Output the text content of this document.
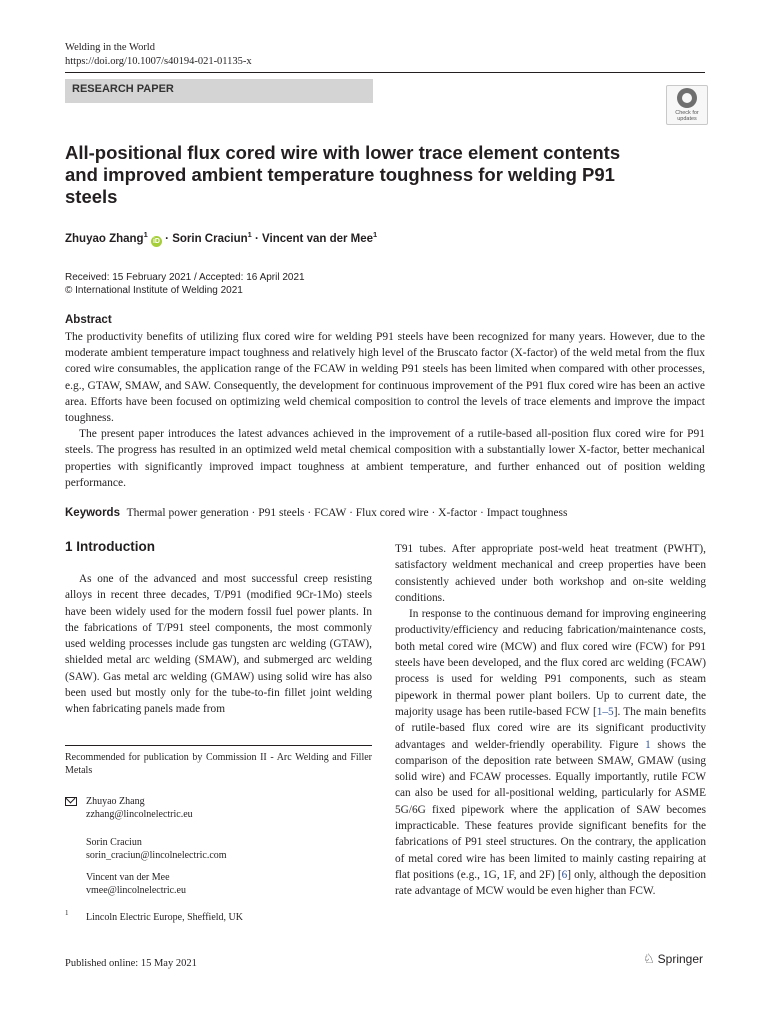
Welding in the World
https://doi.org/10.1007/s40194-021-01135-x
RESEARCH PAPER
Check for updates
All-positional flux cored wire with lower trace element contents
and improved ambient temperature toughness for welding P91
steels
Zhuyao Zhang$^1$ iD · Sorin Craciun$^1$ · Vincent van der Mee$^1$
Received: 15 February 2021 / Accepted: 16 April 2021
© International Institute of Welding 2021
Abstract

The productivity benefits of utilizing flux cored wire for welding P91 steels have been recognized for many years. However, due to the moderate ambient temperature impact toughness and relatively high level of the Bruscato factor (X-factor) of the weld metal from the flux cored wire consumables, the application range of the FCAW in welding P91 steels has been limited when compared with other processes, e.g., GTAW, SMAW, and SAW. Consequently, the development for continuous improvement of the P91 flux cored wire has been an active area. Efforts have been focused on optimizing weld chemical composition to control the levels of trace elements and improve the impact toughness.

The present paper introduces the latest advances achieved in the improvement of a rutile-based all-position flux cored wire for P91 steels. The progress has resulted in an optimized weld metal chemical composition with a substantially lower X-factor, better mechanical properties with significantly improved impact toughness at ambient temperature, and further enhanced out of position welding performance.

Keywords Thermal power generation · P91 steels · FCAW · Flux cored wire · X-factor · Impact toughness
1 Introduction

As one of the advanced and most successful creep resisting alloys in recent three decades, T/P91 (modified 9Cr-1Mo) steels have been widely used for the modern fossil fuel power plants. In the fabrications of T/P91 steel components, the most commonly used welding processes include gas tungsten arc welding (GTAW), shielded metal arc welding (SMAW), and submerged arc welding (SAW). Gas metal arc welding (GMAW) using solid wire has also been used but mostly only for the tube-to-fin fillet joint welding when fabricating panels made from

T91 tubes. After appropriate post-weld heat treatment (PWHT), satisfactory weldment mechanical and creep properties have been consistently achieved under both workshop and on-site welding conditions.

In response to the continuous demand for improving engineering productivity/efficiency and reducing fabrication/maintenance costs, both metal cored wire (MCW) and flux cored wire (FCW) for P91 steels have been developed, and the flux cored arc welding (FCAW) process is used for welding P91 components, such as steam pipework in thermal power plant boilers. Up to current date, the majority usage has been rutile-based FCW [1–5]. The main benefits of rutile-based flux cored wire are its significant productivity advantages and welder-friendly operability. Figure 1 shows the comparison of the deposition rate between SMAW, GMAW (using solid wire) and FCAW processes. Equally importantly, rutile FCW can also be used for all-positional welding, particularly for ASME 5G/6G fixed pipework where the application of SAW becomes impracticable. These features provide significant benefits for the fabrications of P91 steel structures. On the contrary, the application of metal cored wire has been limited to mainly casting repairing at flat positions (e.g., 1G, 1F, and 2F) [6] only, although the deposition rate advantage of MCW would be even higher than FCW.

Recommended for publication by Commission II - Arc Welding and Filler Metals
Zhuyao Zhang
zzhang@lincolnelectric.eu
Sorin Craciun
sorin_craciun@lincolnelectric.com
Vincent van der Mee
vmee@lincolnelectric.eu
1 Lincoln Electric Europe, Sheffield, UK
Published online: 15 May 2021	♘ Springer
